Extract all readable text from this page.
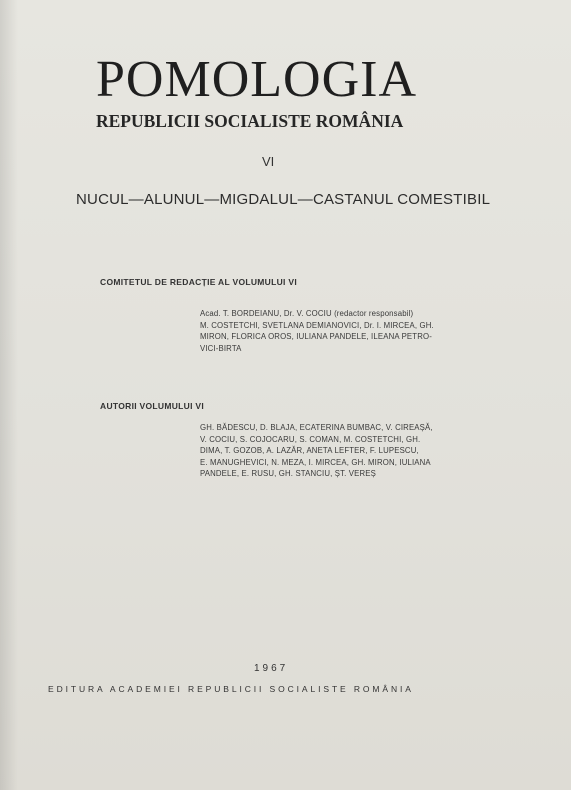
POMOLOGIA
REPUBLICII SOCIALISTE ROMÂNIA
VI
NUCUL—ALUNUL—MIGDALUL—CASTANUL COMESTIBIL
COMITETUL DE REDACȚIE AL VOLUMULUI VI
Acad. T. BORDEIANU, Dr. V. COCIU (redactor responsabil)
M. COSTETCHI, SVETLANA DEMIANOVICI, Dr. I. MIRCEA, GH.
MIRON, FLORICA OROS, IULIANA PANDELE, ILEANA PETRO-
VICI-BIRTA
AUTORII VOLUMULUI VI
GH. BĂDESCU, D. BLAJA, ECATERINA BUMBAC, V. CIREAȘĂ,
V. COCIU, S. COJOCARU, S. COMAN, M. COSTETCHI, GH.
DIMA, T. GOZOB, A. LAZĂR, ANETA LEFTER, F. LUPESCU,
E. MANUGHEVICI, N. MEZA, I. MIRCEA, GH. MIRON, IULIANA
PANDELE, E. RUSU, GH. STANCIU, ȘT. VEREȘ
1967
EDITURA ACADEMIEI REPUBLICII SOCIALISTE ROMÂNIA
